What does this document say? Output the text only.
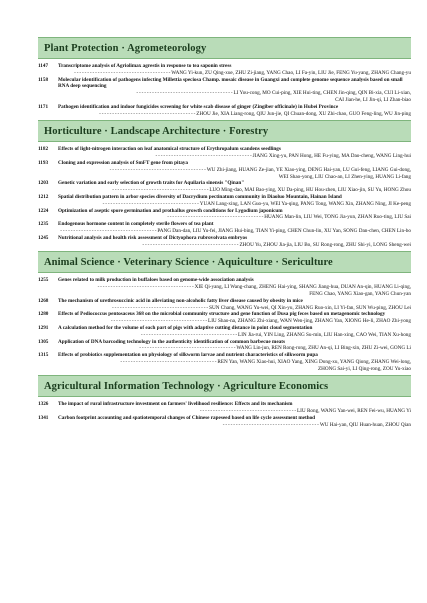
Plant Protection · Agrometeorology
1147 Transcriptome analysis of Agriolimax agrestis in response to tea saponin stress
- - - - - - - - - - - - - - - - - - - - - - - - - - - - - - - - - - - - - WANG Yi-kun, ZU Qing-xue, ZHU Zi-jiang, YANG Chao, LI Fa-yin, LIU Jie, FENG Yu-yang, ZHANG Chang-yu
1158 Molecular identification of pathogens infecting Millettia speciosa Champ. mosaic disease in Guangxi and complete genome sequence analysis based on small RNA deep sequencing
- - - - - - - - - - - - - - - - - - - - - - - - - - - - - - - - - - - - - LI You-cong, MO Cui-ping, XIE Hui-ting, CHEN Jin-qing, QIN Bi-xia, CUI Li-xian,
CAI Jian-he, LI Jin-qi, LI Zhan-biao
1171 Pathogen identification and indoor fungicides screening for white scab disease of ginger (Zingiber officinale) in Hubei Province
- - - - - - - - - - - - - - - - - - - - - - - - - - - - - - - - - - - - - ZHOU Jie, XIA Liang-rong, QIU Jun-jie, QI Chuan-dong, XU Zhi-chao, GUO Feng-ling, WU Jin-ping
Horticulture · Landscape Architecture · Forestry
1182 Effects of light-nitrogen interaction on leaf anatomical structure of Erythropalum scandens seedlings
- - - - - - - - - - - - - - - - - - - - - - - - - - - - - - - - - - - - - JIANG Xing-yu, PAN Hong, HE Fu-ying, MA Dao-cheng, WANG Ling-hui
1193 Cloning and expression analysis of SmFT gene from pitaya
- - - - - - - - - - - - - - - - - - - - - - - - - - - - - - - - - - - - - WU Zhi-jiang, HUANG Ze-jian, YE Xiao-ying, DENG Hai-yan, LU Gui-feng, LIANG Gui-dong,
WEI Shao-yong, LIU Chao-an, LI Zhen-ying, HUANG Li-fang
1203 Genetic variation and early selection of growth traits for Aquilaria sinensis "Qinan"
- - - - - - - - - - - - - - - - - - - - - - - - - - - - - - - - - - - - - LUO Ming-dao, MAI Bao-ying, XU Da-ping, HU Hou-zhen, LIU Xiao-jin, SU Yu, HONG Zhou
1212 Spatial distribution pattern in arbor species diversity of Dacrydium pectinatum community in Diaoluo Mountain, Hainan Island
- - - - - - - - - - - - - - - - - - - - - - - - - - - - - - - - - - - - - YUAN Lang-xing, LAN Guo-yu, WEI Ya-qing, PANG Tong, WANG Xin, ZHANG Ning, JI Ke-peng
1224 Optimization of aseptic spore germination and prothallus growth conditions for Lygodium japonicum
- - - - - - - - - - - - - - - - - - - - - - - - - - - - - - - - - - - - - HUANG Man-lin, LIU Wei, TONG Jia-yun, ZHAN Ruo-ting, LIU Sai
1235 Endogenous hormone content in completely sterile flowers of tea plant
- - - - - - - - - - - - - - - - - - - - - - - - - - - - - - - - - - - - - PANG Dan-dan, LIU Yu-fei, JIANG Hui-bing, TIAN Yi-ping, CHEN Chun-lin, XU Yan, SONG Dan-chen, CHEN Lin-bo
1245 Nutritional analysis and health risk assessment of Dictyophora rubrovolvata embryos
- - - - - - - - - - - - - - - - - - - - - - - - - - - - - - - - - - - - - ZHOU Yu, ZHOU Jia-jia, LIU Bo, SU Rong-rong, ZHU Shi-yi, LONG Sheng-wei
Animal Science · Veterinary Science · Aquiculture · Sericulture
1255 Genes related to milk production in buffaloes based on genome-wide association analysis
- - - - - - - - - - - - - - - - - - - - - - - - - - - - - - - - - - - - - XIE Qi-yang, LI Wang-chang, ZHENG Hai-ying, SHANG Jiang-hua, DUAN An-qin, HUANG Li-qing,
FENG Chao, YANG Xiao-gan, YANG Chun-yan
1268 The mechanism of urethrosuccinic acid in alleviating non-alcoholic fatty liver disease caused by obesity in mice
- - - - - - - - - - - - - - - - - - - - - - - - - - - - - - - - - - - - - SUN Chang, WANG Yu-wei, QI Xin-yu, ZHANG Ruo-xin, LI Yi-fan, SUN Wu-ping, ZHOU Lei
1280 Effects of Pediococcus pentosaceus 368 on the microbial community structure and gene function of Dusa pig feces based on metagenomic technology
- - - - - - - - - - - - - - - - - - - - - - - - - - - - - - - - - - - - - LIU Shao-na, ZHANG Zhi-xiang, WAN Wen-jing, ZHANG Yan, XIONG He-li, ZHAO Zhi-yong
1291 A calculation method for the volume of each part of pigs with adaptive cutting distance in point cloud segmentation
- - - - - - - - - - - - - - - - - - - - - - - - - - - - - - - - - - - - - LIN Jia-rui, YIN Ling, ZHANG Su-min, LIU Han-xing, CAO Wei, TIAN Xu-hong
1305 Application of DNA barcoding technology in the authenticity identification of common barbecue meats
- - - - - - - - - - - - - - - - - - - - - - - - - - - - - - - - - - - - - WANG Lin-jun, REN Rong-rong, ZHU An-qi, LI Bing-xin, ZHU Zi-wei, GONG Li
1315 Effects of probiotics supplementation on physiology of silkworm larvae and nutrient characteristics of silkworm pupa
- - - - - - - - - - - - - - - - - - - - - - - - - - - - - - - - - - - - - REN Yan, WANG Xiao-hui, XIAO Yang, XING Dong-xu, YANG Qiong, ZHANG Wei-long,
ZHONG Sai-yi, LI Qing-rong, ZOU Yu-xiao
Agricultural Information Technology · Agriculture Economics
1326 The impact of rural infrastructure investment on farmers' livelihood resilience: Effects and its mechanism
- - - - - - - - - - - - - - - - - - - - - - - - - - - - - - - - - - - - - LIU Rong, WANG Yan-wei, REN Fei-wu, HUANG Yi
1341 Carbon footprint accounting and spatiotemporal changes of Chinese rapeseed based on life cycle assessment method
- - - - - - - - - - - - - - - - - - - - - - - - - - - - - - - - - - - - - WU Hai-yan, QIU Huan-huan, ZHOU Qian
